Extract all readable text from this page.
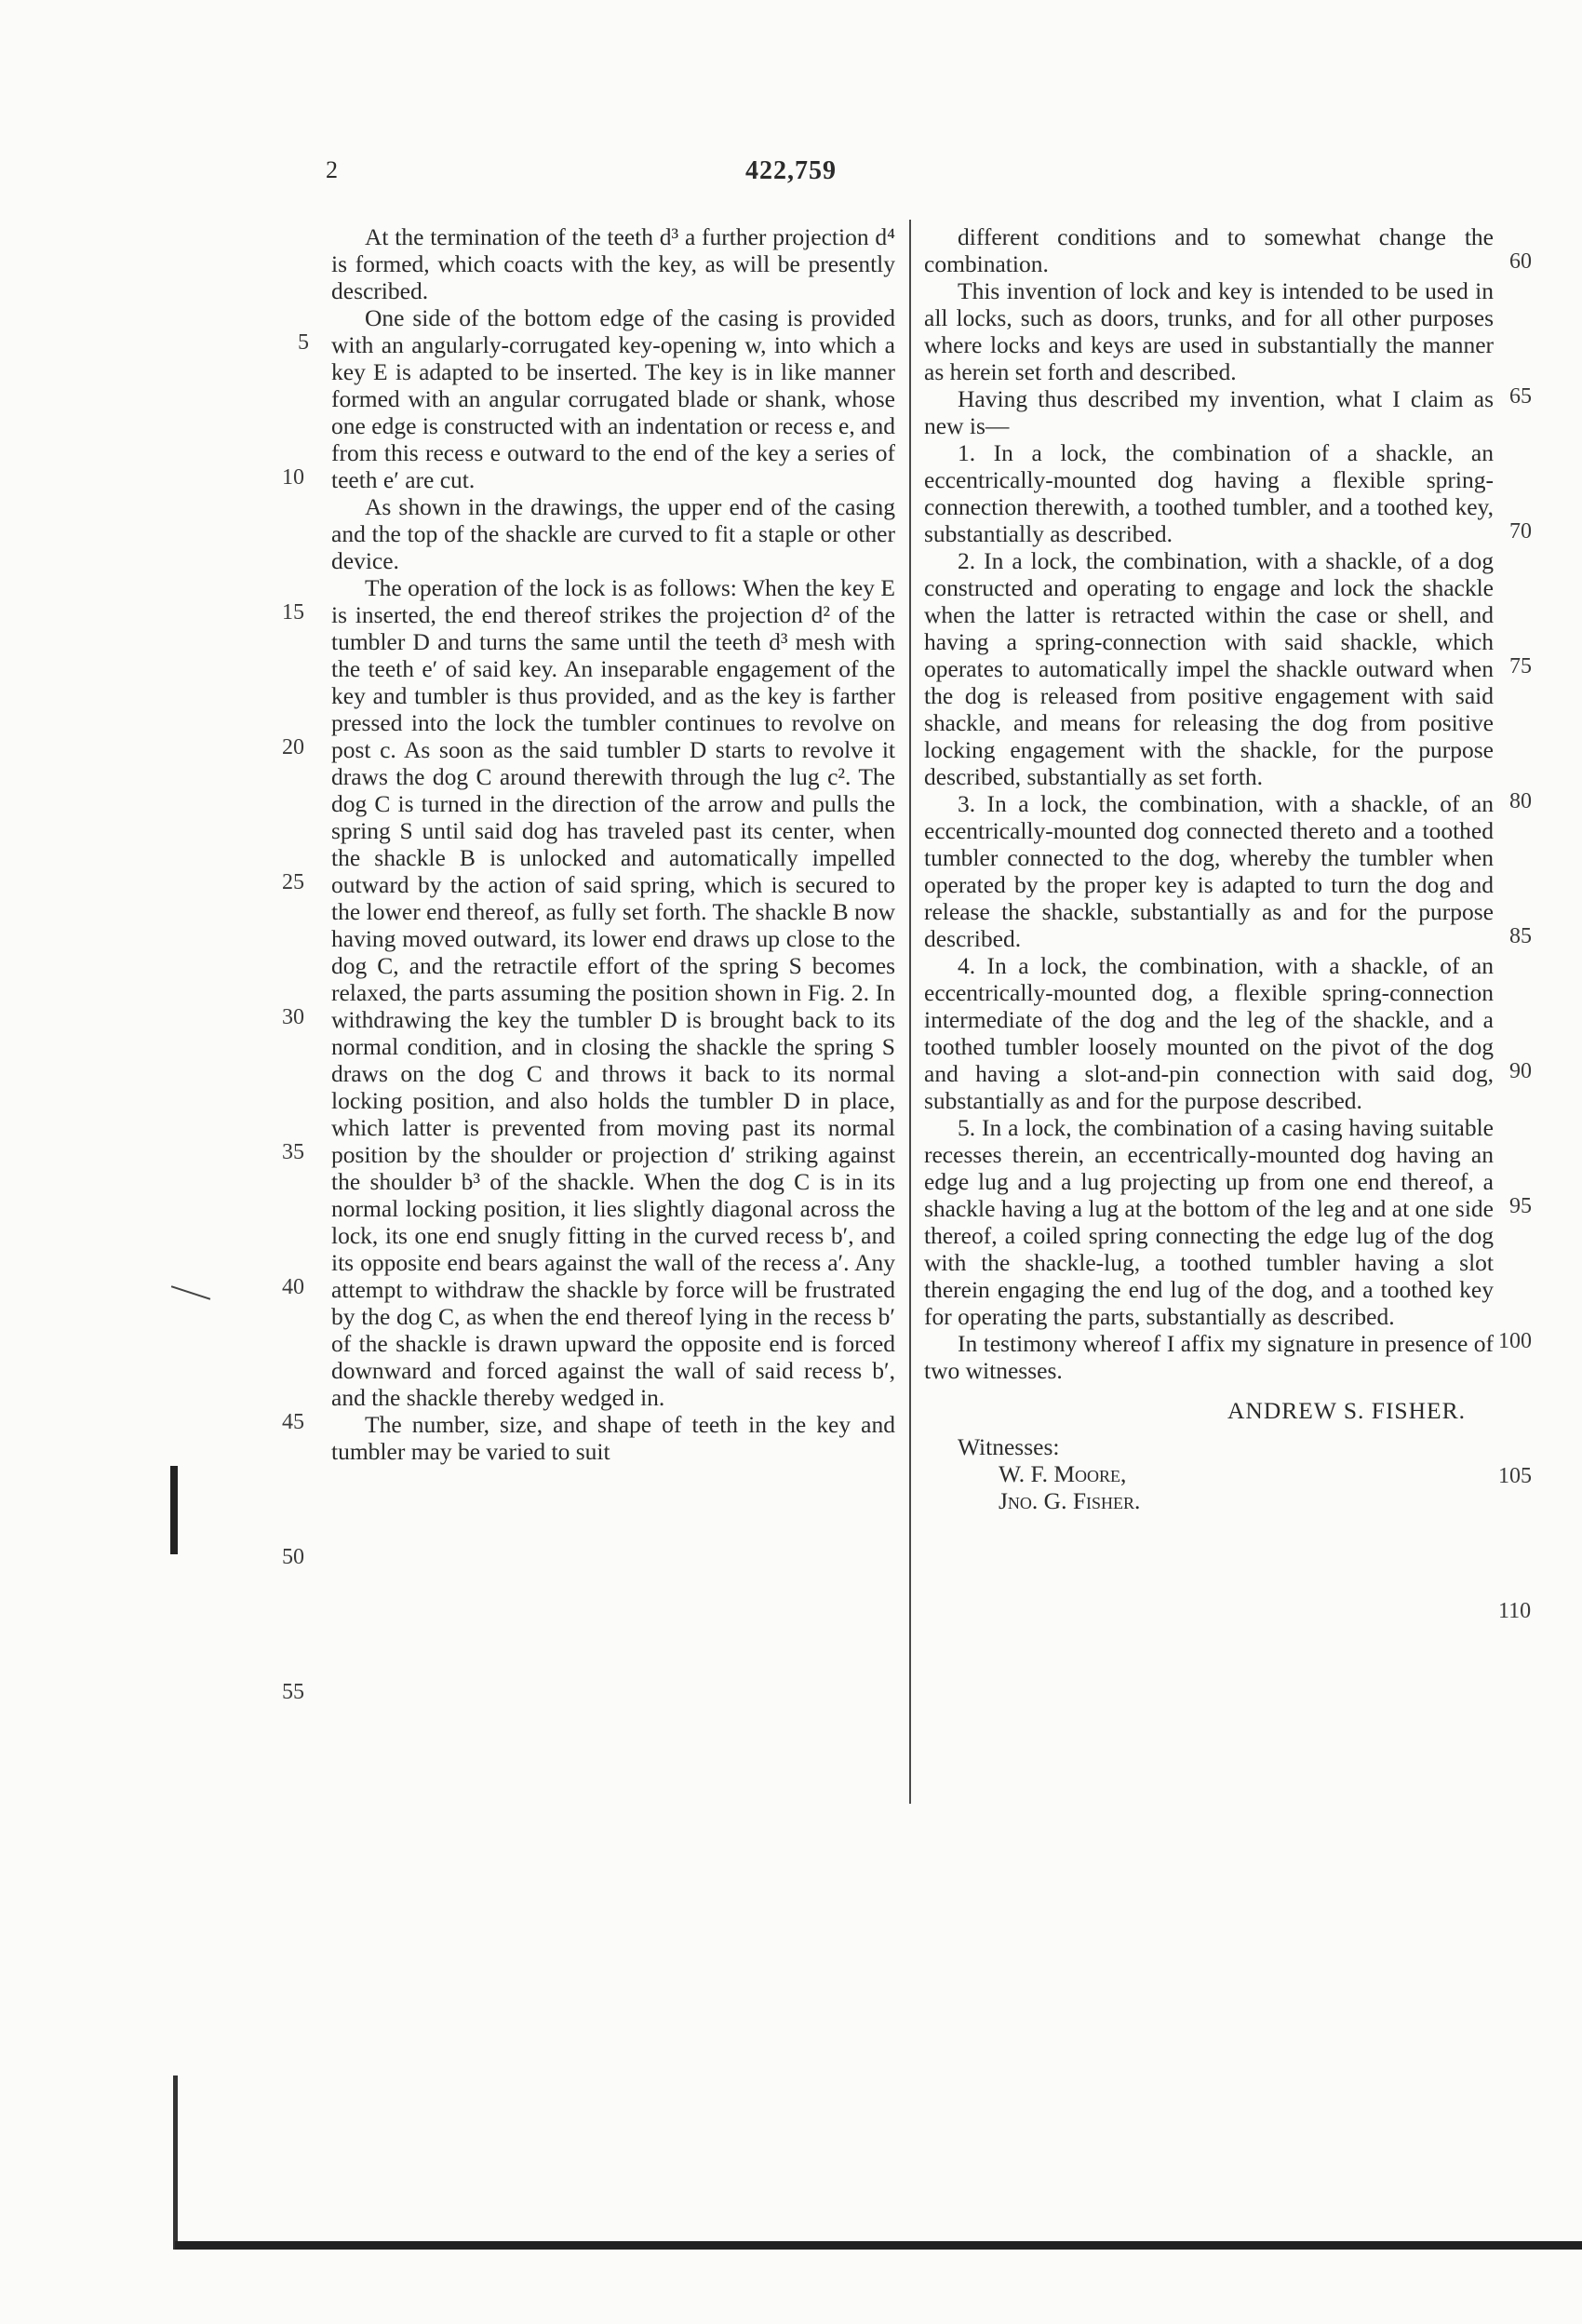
2	422,759

At the termination of the teeth d³ a further projection d⁴ is formed, which coacts with the key, as will be presently described.

One side of the bottom edge of the casing is provided with an angularly-corrugated key-opening w, into which a key E is adapted to be inserted. The key is in like manner formed with an angular corrugated blade or shank, whose one edge is constructed with an indentation or recess e, and from this recess e outward to the end of the key a series of teeth e′ are cut.

As shown in the drawings, the upper end of the casing and the top of the shackle are curved to fit a staple or other device.

The operation of the lock is as follows: When the key E is inserted, the end thereof strikes the projection d² of the tumbler D and turns the same until the teeth d³ mesh with the teeth e′ of said key. An inseparable engagement of the key and tumbler is thus provided, and as the key is farther pressed into the lock the tumbler continues to revolve on post c. As soon as the said tumbler D starts to revolve it draws the dog C around therewith through the lug c². The dog C is turned in the direction of the arrow and pulls the spring S until said dog has traveled past its center, when the shackle B is unlocked and automatically impelled outward by the action of said spring, which is secured to the lower end thereof, as fully set forth. The shackle B now having moved outward, its lower end draws up close to the dog C, and the retractile effort of the spring S becomes relaxed, the parts assuming the position shown in Fig. 2. In withdrawing the key the tumbler D is brought back to its normal condition, and in closing the shackle the spring S draws on the dog C and throws it back to its normal locking position, and also holds the tumbler D in place, which latter is prevented from moving past its normal position by the shoulder or projection d′ striking against the shoulder b³ of the shackle. When the dog C is in its normal locking position, it lies slightly diagonal across the lock, its one end snugly fitting in the curved recess b′, and its opposite end bears against the wall of the recess a′. Any attempt to withdraw the shackle by force will be frustrated by the dog C, as when the end thereof lying in the recess b′ of the shackle is drawn upward the opposite end is forced downward and forced against the wall of said recess b′, and the shackle thereby wedged in.

The number, size, and shape of teeth in the key and tumbler may be varied to suit

different conditions and to somewhat change the combination.

This invention of lock and key is intended to be used in all locks, such as doors, trunks, and for all other purposes where locks and keys are used in substantially the manner as herein set forth and described.

Having thus described my invention, what I claim as new is—

1. In a lock, the combination of a shackle, an eccentrically-mounted dog having a flexible spring-connection therewith, a toothed tumbler, and a toothed key, substantially as described.

2. In a lock, the combination, with a shackle, of a dog constructed and operating to engage and lock the shackle when the latter is retracted within the case or shell, and having a spring-connection with said shackle, which operates to automatically impel the shackle outward when the dog is released from positive engagement with said shackle, and means for releasing the dog from positive locking engagement with the shackle, for the purpose described, substantially as set forth.

3. In a lock, the combination, with a shackle, of an eccentrically-mounted dog connected thereto and a toothed tumbler connected to the dog, whereby the tumbler when operated by the proper key is adapted to turn the dog and release the shackle, substantially as and for the purpose described.

4. In a lock, the combination, with a shackle, of an eccentrically-mounted dog, a flexible spring-connection intermediate of the dog and the leg of the shackle, and a toothed tumbler loosely mounted on the pivot of the dog and having a slot-and-pin connection with said dog, substantially as and for the purpose described.

5. In a lock, the combination of a casing having suitable recesses therein, an eccentrically-mounted dog having an edge lug and a lug projecting up from one end thereof, a shackle having a lug at the bottom of the leg and at one side thereof, a coiled spring connecting the edge lug of the dog with the shackle-lug, a toothed tumbler having a slot therein engaging the end lug of the dog, and a toothed key for operating the parts, substantially as described.

In testimony whereof I affix my signature in presence of two witnesses.

ANDREW S. FISHER.
Witnesses:
W. F. Moore,
Jno. G. Fisher.
5
10
15
20
25
30
35
40
45
50
55
60
65
70
75
80
85
90
95
100
105
110
